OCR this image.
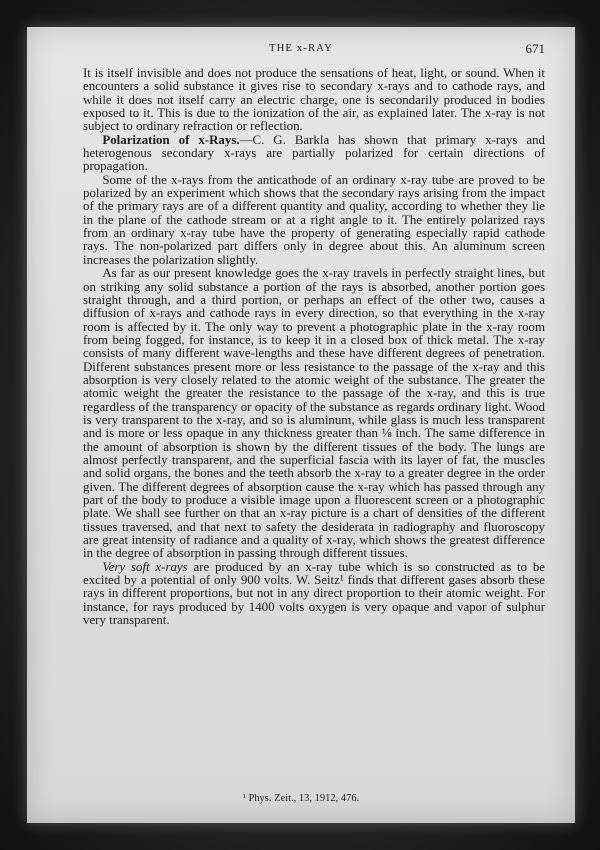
THE x-RAY	671

It is itself invisible and does not produce the sensations of heat, light, or sound. When it encounters a solid substance it gives rise to secondary x-rays and to cathode rays, and while it does not itself carry an electric charge, one is secondarily produced in bodies exposed to it. This is due to the ionization of the air, as explained later. The x-ray is not subject to ordinary refraction or reflection.

Polarization of x-Rays.—C. G. Barkla has shown that primary x-rays and heterogenous secondary x-rays are partially polarized for certain directions of propagation.

Some of the x-rays from the anticathode of an ordinary x-ray tube are proved to be polarized by an experiment which shows that the secondary rays arising from the impact of the primary rays are of a different quantity and quality, according to whether they lie in the plane of the cathode stream or at a right angle to it. The entirely polarized rays from an ordinary x-ray tube have the property of generating especially rapid cathode rays. The non-polarized part differs only in degree about this. An aluminum screen increases the polarization slightly.

As far as our present knowledge goes the x-ray travels in perfectly straight lines, but on striking any solid substance a portion of the rays is absorbed, another portion goes straight through, and a third portion, or perhaps an effect of the other two, causes a diffusion of x-rays and cathode rays in every direction, so that everything in the x-ray room is affected by it. The only way to prevent a photographic plate in the x-ray room from being fogged, for instance, is to keep it in a closed box of thick metal. The x-ray consists of many different wave-lengths and these have different degrees of penetration. Different substances present more or less resistance to the passage of the x-ray and this absorption is very closely related to the atomic weight of the substance. The greater the atomic weight the greater the resistance to the passage of the x-ray, and this is true regardless of the transparency or opacity of the substance as regards ordinary light. Wood is very transparent to the x-ray, and so is aluminum, while glass is much less transparent and is more or less opaque in any thickness greater than ⅛ inch. The same difference in the amount of absorption is shown by the different tissues of the body. The lungs are almost perfectly transparent, and the superficial fascia with its layer of fat, the muscles and solid organs, the bones and the teeth absorb the x-ray to a greater degree in the order given. The different degrees of absorption cause the x-ray which has passed through any part of the body to produce a visible image upon a fluorescent screen or a photographic plate. We shall see further on that an x-ray picture is a chart of densities of the different tissues traversed, and that next to safety the desiderata in radiography and fluoroscopy are great intensity of radiance and a quality of x-ray, which shows the greatest difference in the degree of absorption in passing through different tissues.

Very soft x-rays are produced by an x-ray tube which is so constructed as to be excited by a potential of only 900 volts. W. Seitz¹ finds that different gases absorb these rays in different proportions, but not in any direct proportion to their atomic weight. For instance, for rays produced by 1400 volts oxygen is very opaque and vapor of sulphur very transparent.

¹ Phys. Zeit., 13, 1912, 476.
